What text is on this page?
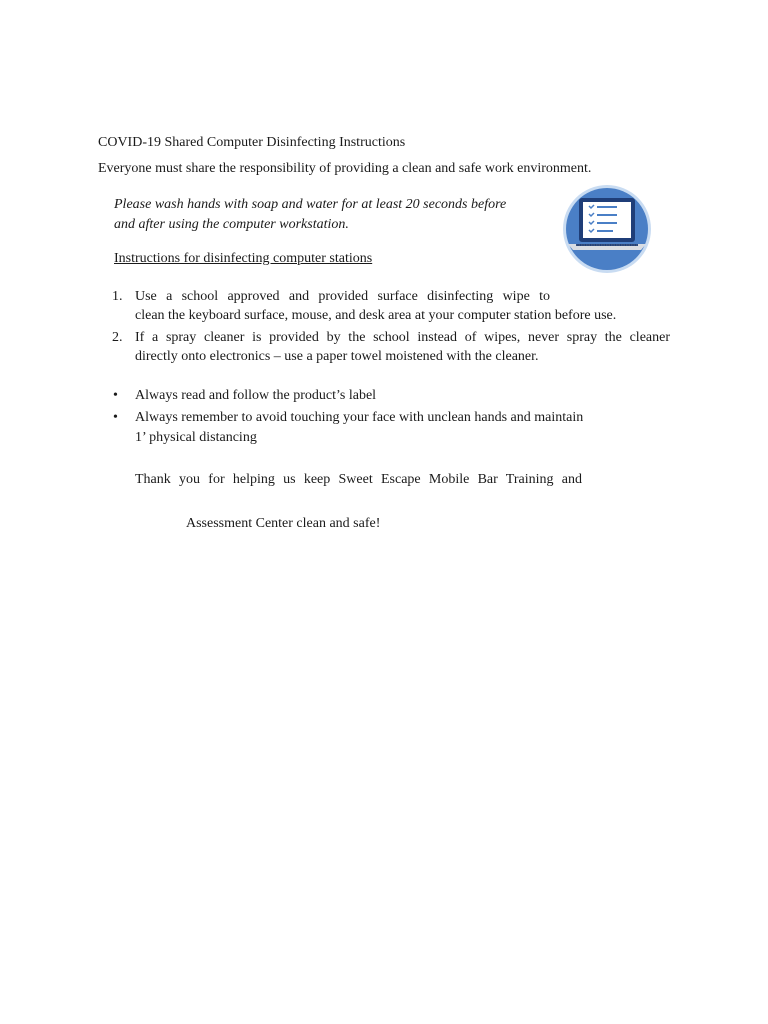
COVID-19 Shared Computer Disinfecting Instructions
Everyone must share the responsibility of providing a clean and safe work environment.
Please wash hands with soap and water for at least 20 seconds before
and after using the computer workstation.
Instructions for disinfecting computer stations
1. Use a school approved and provided surface disinfecting wipe to
clean the keyboard surface, mouse, and desk area at your computer station before use.
2. If a spray cleaner is provided by the school instead of wipes, never spray the cleaner
directly onto electronics – use a paper towel moistened with the cleaner.
• Always read and follow the product’s label
• Always remember to avoid touching your face with unclean hands and maintain
1’ physical distancing
Thank you for helping us keep Sweet Escape Mobile Bar Training and
Assessment Center clean and safe!
